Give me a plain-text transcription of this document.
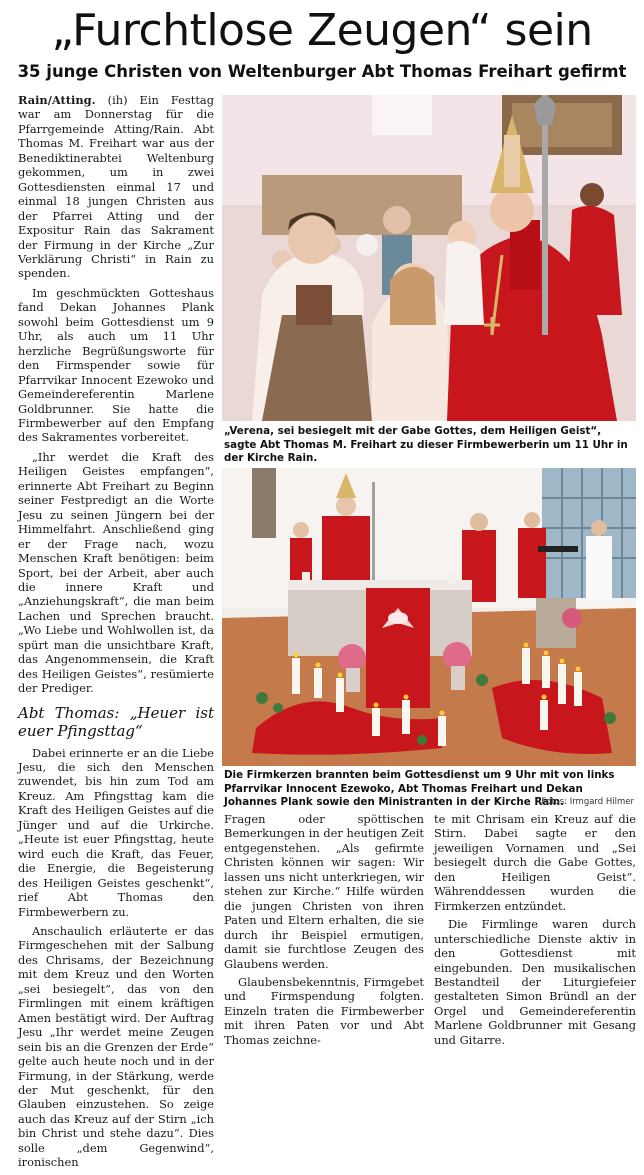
„Furchtlose Zeugen“ sein
35 junge Christen von Weltenburger Abt Thomas Freihart gefirmt

Rain/Atting. (ih) Ein Festtag war am Donnerstag für die Pfarrgemeinde Atting/Rain. Abt Thomas M. Freihart war aus der Benediktinerabtei Weltenburg gekommen, um in zwei Gottesdiensten einmal 17 und einmal 18 jungen Christen aus der Pfarrei Atting und der Expositur Rain das Sakrament der Firmung in der Kirche „Zur Verklärung Christi“ in Rain zu spenden.

Im geschmückten Gotteshaus fand Dekan Johannes Plank sowohl beim Gottesdienst um 9 Uhr, als auch um 11 Uhr herzliche Begrüßungsworte für den Firmspender sowie für Pfarrvikar Innocent Ezewoko und Gemeindereferentin Marlene Goldbrunner. Sie hatte die Firmbewerber auf den Empfang des Sakramentes vorbereitet.

„Ihr werdet die Kraft des Heiligen Geistes empfangen“, erinnerte Abt Freihart zu Beginn seiner Festpredigt an die Worte Jesu zu seinen Jüngern bei der Himmelfahrt. Anschließend ging er der Frage nach, wozu Menschen Kraft benötigen: beim Sport, bei der Arbeit, aber auch die innere Kraft und „Anziehungskraft“, die man beim Lachen und Sprechen braucht. „Wo Liebe und Wohlwollen ist, da spürt man die unsichtbare Kraft, das Angenommensein, die Kraft des Heiligen Geistes“, resümierte der Prediger.

Abt Thomas: „Heuer ist euer Pfingsttag“

Dabei erinnerte er an die Liebe Jesu, die sich den Menschen zuwendet, bis hin zum Tod am Kreuz. Am Pfingsttag kam die Kraft des Heiligen Geistes auf die Jünger und auf die Urkirche. „Heute ist euer Pfingsttag, heute wird euch die Kraft, das Feuer, die Energie, die Begeisterung des Heiligen Geistes geschenkt“, rief Abt Thomas den Firmbewerbern zu.

Anschaulich erläuterte er das Firmgeschehen mit der Salbung des Chrisams, der Bezeichnung mit dem Kreuz und den Worten „sei besiegelt“, das von den Firmlingen mit einem kräftigen Amen bestätigt wird. Der Auftrag Jesu „Ihr werdet meine Zeugen sein bis an die Grenzen der Erde“ gelte auch heute noch und in der Firmung, in der Stärkung, werde der Mut geschenkt, für den Glauben einzustehen. So zeige auch das Kreuz auf der Stirn „ich bin Christ und stehe dazu“. Dies solle „dem Gegenwind“, ironischen

„Verena, sei besiegelt mit der Gabe Gottes, dem Heiligen Geist“, sagte Abt Thomas M. Freihart zu dieser Firmbewerberin um 11 Uhr in der Kirche Rain.
Die Firmkerzen brannten beim Gottesdienst um 9 Uhr mit von links Pfarrvikar Innocent Ezewoko, Abt Thomas Freihart und Dekan Johannes Plank sowie den Ministranten in der Kirche Rain.
Fotos: Irmgard Hilmer

Fragen oder spöttischen Bemerkungen in der heutigen Zeit entgegenstehen. „Als gefirmte Christen können wir sagen: Wir lassen uns nicht unterkriegen, wir stehen zur Kirche.“ Hilfe würden die jungen Christen von ihren Paten und Eltern erhalten, die sie durch ihr Beispiel ermutigen, damit sie furchtlose Zeugen des Glaubens werden.

Glaubensbekenntnis, Firmgebet und Firmspendung folgten. Einzeln traten die Firmbewerber mit ihren Paten vor und Abt Thomas zeichne-

te mit Chrisam ein Kreuz auf die Stirn. Dabei sagte er den jeweiligen Vornamen und „Sei besiegelt durch die Gabe Gottes, den Heiligen Geist“. Währenddessen wurden die Firmkerzen entzündet.

Die Firmlinge waren durch unterschiedliche Dienste aktiv in den Gottesdienst mit eingebunden. Den musikalischen Bestandteil der Liturgiefeier gestalteten Simon Bründl an der Orgel und Gemeindereferentin Marlene Goldbrunner mit Gesang und Gitarre.
